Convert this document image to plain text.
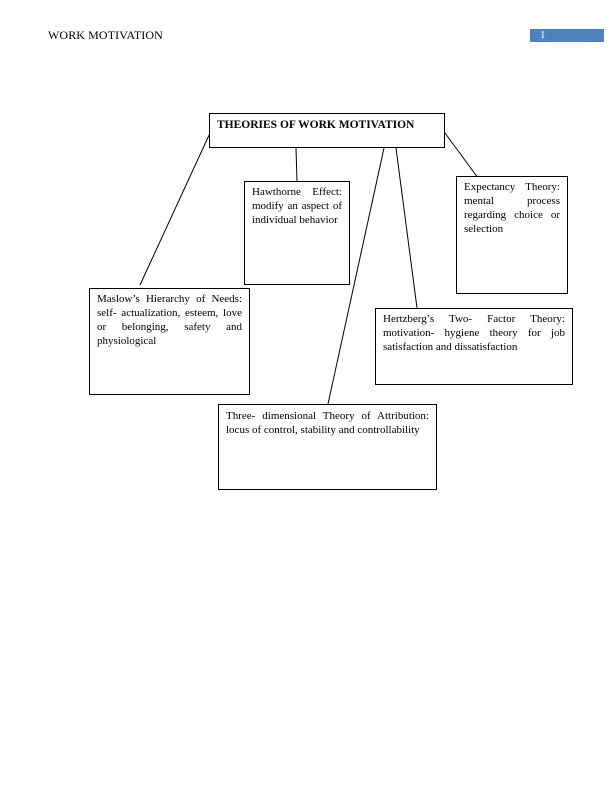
WORK MOTIVATION	1
THEORIES OF WORK MOTIVATION
Hawthorne Effect: modify an aspect of individual behavior
Expectancy Theory: mental process regarding choice or selection
Maslow’s Hierarchy of Needs: self- actualization, esteem, love or belonging, safety and physiological
Hertzberg’s Two- Factor Theory: motivation- hygiene theory for job satisfaction and dissatisfaction
Three- dimensional Theory of Attribution: locus of control, stability and controllability
